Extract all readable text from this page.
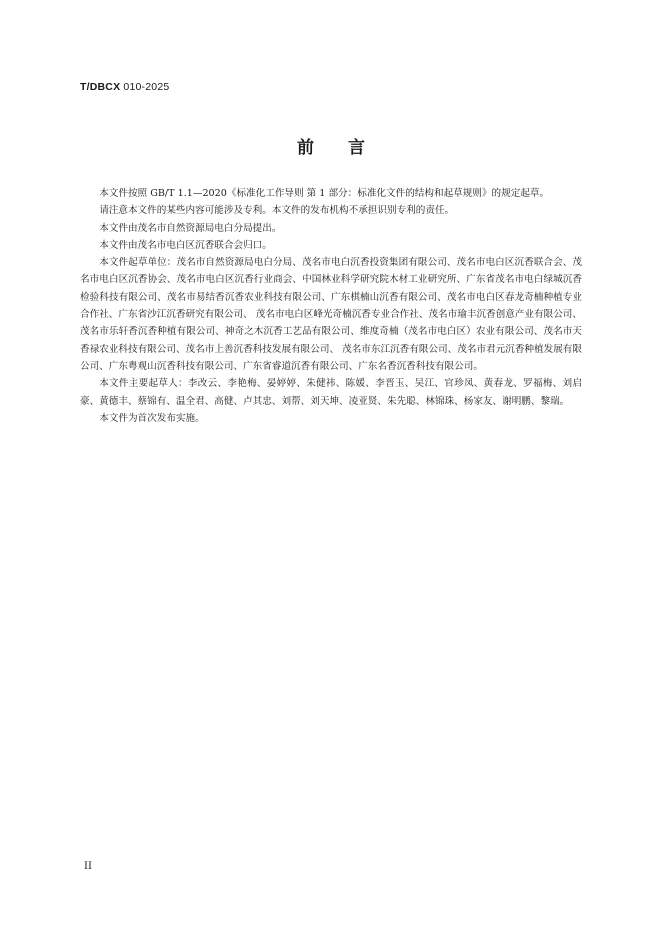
T/DBCX 010-2025
前 言

本文件按照 GB/T 1.1—2020《标准化工作导则 第 1 部分：标准化文件的结构和起草规则》的规定起草。

请注意本文件的某些内容可能涉及专利。本文件的发布机构不承担识别专利的责任。

本文件由茂名市自然资源局电白分局提出。

本文件由茂名市电白区沉香联合会归口。

本文件起草单位：茂名市自然资源局电白分局、茂名市电白沉香投资集团有限公司、茂名市电白区沉香联合会、茂名市电白区沉香协会、茂名市电白区沉香行业商会、中国林业科学研究院木材工业研究所、广东省茂名市电白绿城沉香检验科技有限公司、茂名市易结香沉香农业科技有限公司、广东棋楠山沉香有限公司、茂名市电白区春龙奇楠种植专业合作社、广东省沙江沉香研究有限公司、 茂名市电白区峰光奇楠沉香专业合作社、茂名市瑜丰沉香创意产业有限公司、茂名市乐轩香沉香种植有限公司、神奇之木沉香工艺品有限公司、维度奇楠（茂名市电白区）农业有限公司、茂名市天香禄农业科技有限公司、茂名市上善沉香科技发展有限公司、 茂名市东江沉香有限公司、茂名市君元沉香种植发展有限公司、广东粤观山沉香科技有限公司、广东省睿道沉香有限公司、广东名香沉香科技有限公司。

本文件主要起草人：李改云、李艳梅、晏婷婷、朱健祎、陈媛、李晋玉、吴江、官珍凤、黄春龙、罗福梅、刘启豪、黄德丰、蔡锦有、温全君、高健、卢其忠、刘帮、刘天坤、凌亚贤、朱先聪、林锦珠、杨家友、谢明鹏、黎瑞。

本文件为首次发布实施。

II
